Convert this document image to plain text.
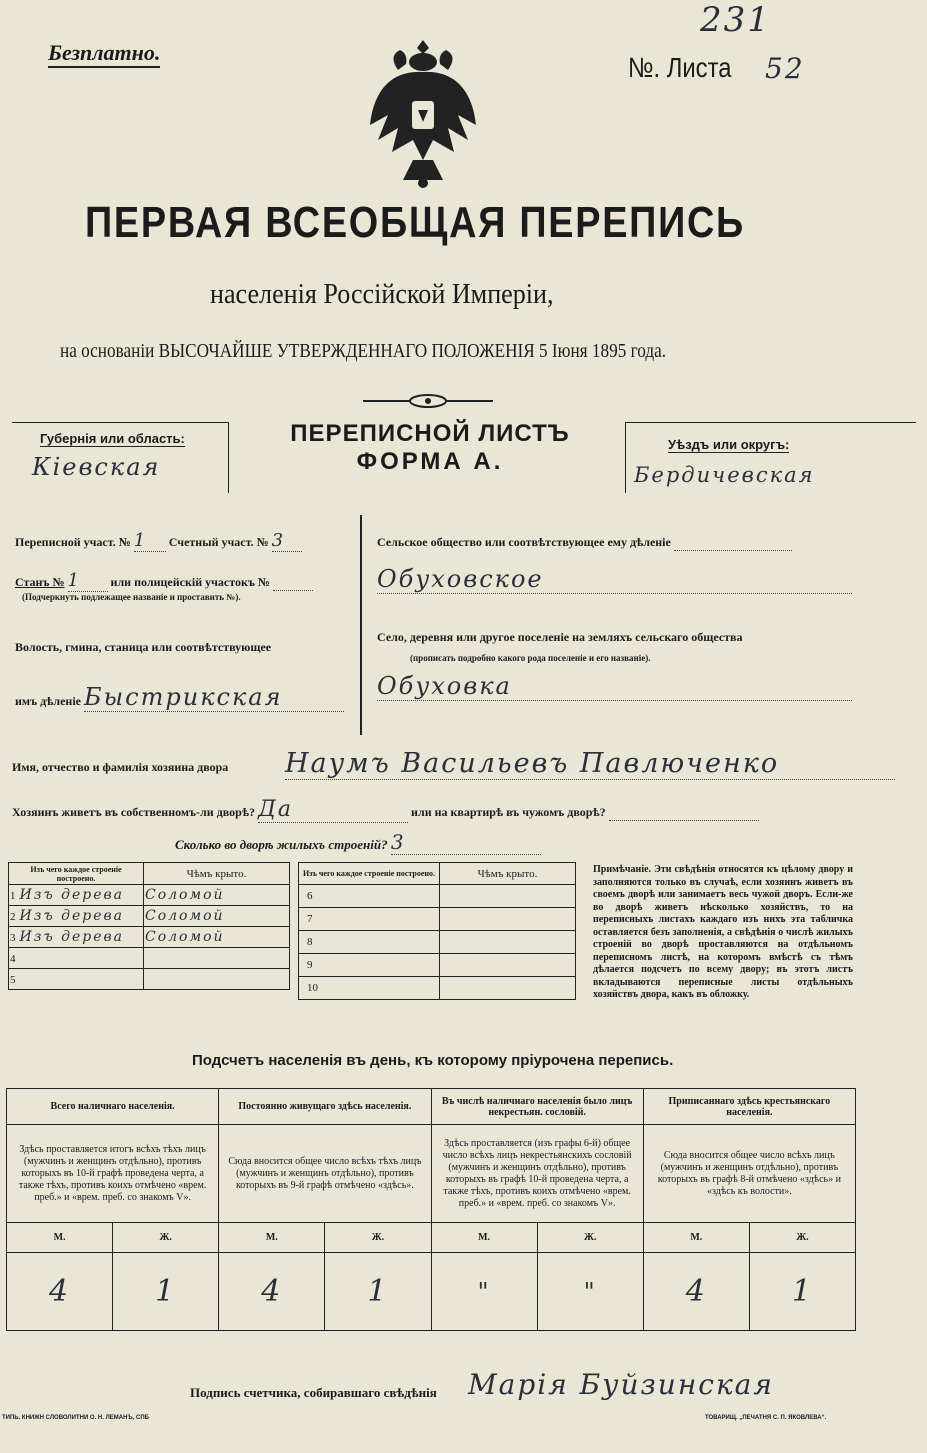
Безплатно.	№. Листа 52
231
ПЕРВАЯ ВСЕОБЩАЯ ПЕРЕПИСЬ
населенія Россійской Имперіи,
на основаніи ВЫСОЧАЙШЕ УТВЕРЖДЕННАГО ПОЛОЖЕНІЯ 5 Іюня 1895 года.
Губернія или область:
Кіевская
ПЕРЕПИСНОЙ ЛИСТЪ
ФОРМА А.
Уѣздъ или округъ:
Бердичевская
Переписной участ. № 1 Счетный участ. № 3
Станъ № 1 или полицейскій участокъ №
(Подчеркнуть подлежащее названіе и проставить №).
Волость, гмина, станица или соотвѣтствующее
имъ дѣленіе Быстрикская
Сельское общество или соотвѣтствующее ему дѣленіе
Обуховское
Село, деревня или другое поселеніе на земляхъ сельскаго общества
(прописать подробно какого рода поселеніе и его названіе).
Обуховка
Имя, отчество и фамилія хозяина двора Наумъ Васильевъ Павлюченко
Хозяинъ живетъ въ собственномъ-ли дворѣ? Да	или на квартирѣ въ чужомъ дворѣ?
Сколько во дворѣ жилыхъ строеній? 3
Изъ чего каждое строеніе построено.	Чѣмъ крыто.
1 Изъ дерева	Соломой
2 Изъ дерева	Соломой
3 Изъ дерева	Соломой
4	
5	
Изъ чего каждое строеніе построено.	Чѣмъ крыто.
6	
7	
8	
9	
10	
Примѣчаніе. Эти свѣдѣнія относятся къ цѣлому двору и заполняются только въ случаѣ, если хозяинъ живетъ въ своемъ дворѣ или занимаетъ весь чужой дворъ. Если-же во дворѣ живетъ нѣсколько хозяйствъ, то на переписныхъ листахъ каждаго изъ нихъ эта табличка оставляется безъ заполненія, а свѣдѣнія о числѣ жилыхъ строеній во дворѣ проставляются на отдѣльномъ переписномъ листѣ, на которомъ вмѣстѣ съ тѣмъ дѣлается подсчетъ по всему двору; въ этотъ листъ вкладываются переписные листы отдѣльныхъ хозяйствъ двора, какъ въ обложку.
Подсчетъ населенія въ день, къ которому пріурочена перепись.
Всего наличнаго населенія.		Постоянно живущаго здѣсь населенія.		Въ числѣ наличнаго населенія было лицъ некрестьян. сословій.		Приписаннаго здѣсь крестьянскаго населенія.	
Здѣсь проставляется итогъ всѣхъ тѣхъ лицъ (мужчинъ и женщинъ отдѣльно), противъ которыхъ въ 10-й графѣ проведена черта, а также тѣхъ, противъ коихъ отмѣчено «врем. преб.» и «врем. преб. со знакомъ V».		Сюда вносится общее число всѣхъ тѣхъ лицъ (мужчинъ и женщинъ отдѣльно), противъ которыхъ въ 9-й графѣ отмѣчено «здѣсь».		Здѣсь проставляется (изъ графы 6-й) общее число всѣхъ лицъ некрестьянскихъ сословій (мужчинъ и женщинъ отдѣльно), противъ которыхъ въ графѣ 10-й проведена черта, а также тѣхъ, противъ коихъ отмѣчено «врем. преб.» и «врем. преб. со знакомъ V».		Сюда вносится общее число всѣхъ лицъ (мужчинъ и женщинъ отдѣльно), противъ которыхъ въ графѣ 8-й отмѣчено «здѣсь» и «здѣсь къ волости».	
М.	Ж.	М.	Ж.	М.	Ж.	М.	Ж.
4	1	4	1	"	"	4	1
Подпись счетчика, собиравшаго свѣдѣнія Марія Буйзинская
ТИПЬ. КНИЖН СЛОВОЛИТНИ О. Н. ЛЕМАНЪ, СПБ	ТОВАРИЩ. „ПЕЧАТНЯ С. П. ЯКОВЛЕВА“.
